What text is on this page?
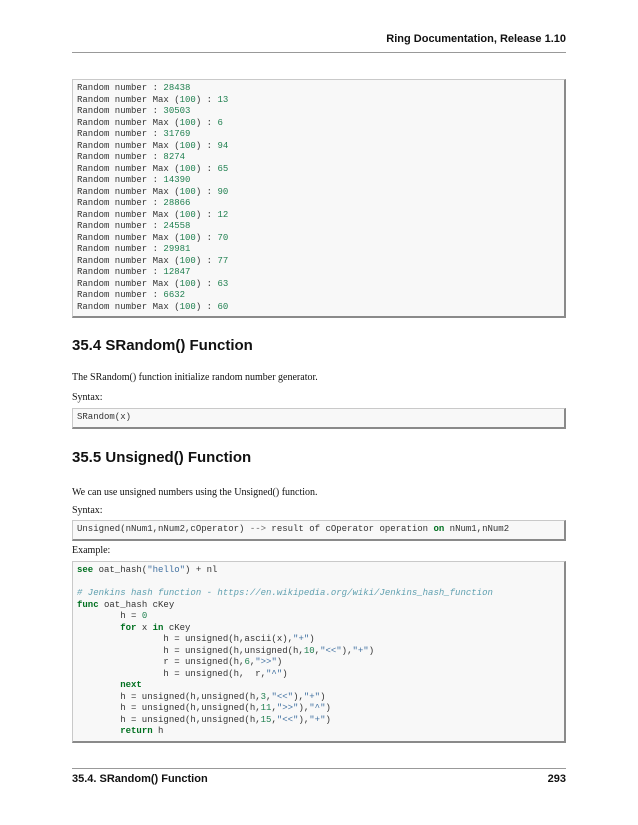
Ring Documentation, Release 1.10
Random number : 28438
Random number Max (100) : 13
Random number : 30503
Random number Max (100) : 6
Random number : 31769
Random number Max (100) : 94
Random number : 8274
Random number Max (100) : 65
Random number : 14390
Random number Max (100) : 90
Random number : 28866
Random number Max (100) : 12
Random number : 24558
Random number Max (100) : 70
Random number : 29981
Random number Max (100) : 77
Random number : 12847
Random number Max (100) : 63
Random number : 6632
Random number Max (100) : 60
35.4 SRandom() Function

The SRandom() function initialize random number generator.

Syntax:

SRandom(x)
35.5 Unsigned() Function

We can use unsigned numbers using the Unsigned() function.

Syntax:

Unsigned(nNum1,nNum2,cOperator) --> result of cOperator operation on nNum1,nNum2

Example:

see oat_hash("hello") + nl

# Jenkins hash function - https://en.wikipedia.org/wiki/Jenkins_hash_function
func oat_hash cKey
h = 0
for x in cKey
h = unsigned(h,ascii(x),"+")
h = unsigned(h,unsigned(h,10,"<<"),"+")
r = unsigned(h,6,">>")
h = unsigned(h,  r,"^")
next
h = unsigned(h,unsigned(h,3,"<<"),"+")
h = unsigned(h,unsigned(h,11,">>"),"^")
h = unsigned(h,unsigned(h,15,"<<"),"+")
return h
35.4. SRandom() Function	293
